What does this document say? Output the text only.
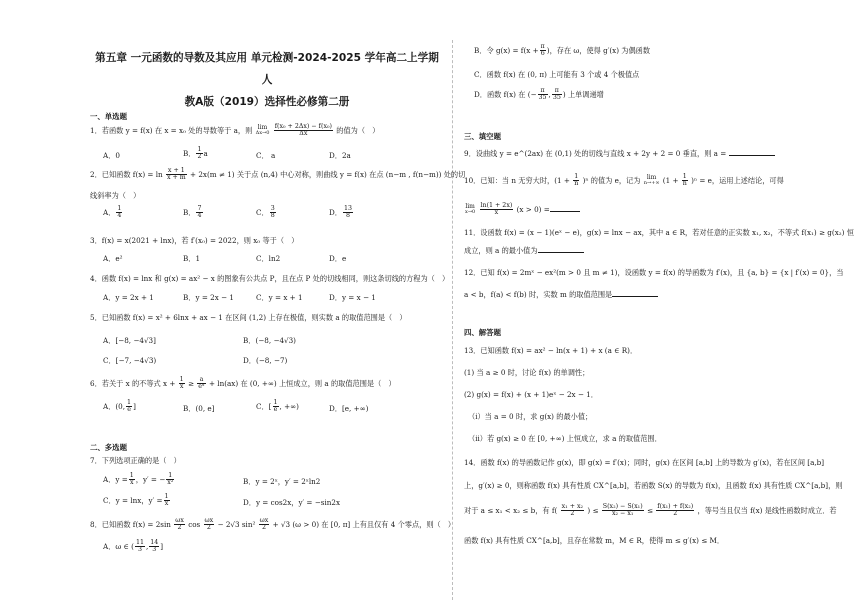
第五章 一元函数的导数及其应用 单元检测-2024-2025 学年高二上学期人
教A版（2019）选择性必修第二册
一、单选题
1．若函数 y = f(x) 在 x = x₀ 处的导数等于 a，则 lim
Δx→0
$\frac{\text{f(x₀ + 2Δx) − f(x₀)}}{\Delta x}$ 的值为（　）
A．0	B． $\frac{1}{2}$ a	C． a	D．2a
2．已知函数 $f(x) = \ln \frac{x + 1}{x + m} + 2x(m \ne 1)$ 关于点 (n,4) 中心对称，则曲线 y = f(x) 在点 (n−m , f(n−m)) 处的切
线斜率为（　）
A． $\frac{1}{4}$	B． $\frac{7}{4}$	C． $\frac{3}{8}$	D． $\frac{13}{8}$
3．f(x) = x(2021 + lnx)，若 f′(x₀) = 2022，则 x₀ 等于（　）
A．e²	B．1	C．ln2	D．e
4．函数 f(x) = lnx 和 g(x) = ax² − x 的图象有公共点 P，且在点 P 处的切线相同，则这条切线的方程为（　）
A．y = 2x + 1	B．y = 2x − 1	C．y = x + 1	D．y = x − 1
5．已知函数 f(x) = x² + 6lnx + ax − 1 在区间 (1,2) 上存在极值，则实数 a 的取值范围是（　）
A．[−8, −4√3]	B．(−8, −4√3)
C．[−7, −4√3)	D．(−8, −7)
6．若关于 x 的不等式 $x + \frac{1}{x} \ge \frac{a}{\text{eˣ}} + \ln(ax)$ 在 (0, +∞) 上恒成立，则 a 的取值范围是（　）
A．(0, $\frac{1}{e}$ ]	B．(0, e]	C．[ $\frac{1}{e}$ , +∞)	D．[e, +∞)
二、多选题
7．下列选项正确的是（　）
A．$y = \frac{1}{x}$ ，y′ = − $\frac{1}{\text{x²}}$	B．y = 2ˣ，y′ = 2ˣln2
C．y = lnx，$y' = \frac{1}{x}$	D．y = cos2x，y′ = −sin2x
8．已知函数 $f(x) = 2\sin \frac{\omega x}{2}$ $\cos \frac{\omega x}{2} - 2√3$ $\sin^2 \frac{\omega x}{2} + √3$ (ω > 0) 在 [0, π] 上有且仅有 4 个零点，则（　）
A．ω ∈ ( $\frac{11}{3}$ , $\frac{14}{3}$ ]
B．令 $g(x) = f(x + \frac{\pi}{6}$ )，存在 ω，使得 g′(x) 为偶函数
C．函数 f(x) 在 (0, π) 上可能有 3 个或 4 个极值点
D．函数 f(x) 在 (− $\frac{\pi}{35}$ , $\frac{\pi}{35}$ ) 上单调递增
三、填空题
9．设曲线 y = e^(2ax) 在 (0,1) 处的切线与直线 x + 2y + 2 = 0 垂直，则 a =
10．已知：当 n 无穷大时，$(1 + \frac{1}{n} )^n$ 的值为 e，记为	lim
n→+∞ $(1 + \frac{1}{n} )^n = e$，运用上述结论，可得
lim
x→0
$\frac{\ln(1 + 2x)}{x} (x > 0)$ =
11．设函数 f(x) = (x − 1)(eˣ − e)，g(x) = lnx − ax，其中 a ∈ R，若对任意的正实数 x₁, x₂，不等式 f(x₁) ≥ g(x₂) 恒
成立，则 a 的最小值为
12．已知 f(x) = 2mˣ − ex²(m > 0 且 m ≠ 1)，设函数 y = f(x) 的导函数为 f′(x)，且 {a, b} = {x | f′(x) = 0}，当
a < b，f(a) < f(b) 时，实数 m 的取值范围是
四、解答题
13．已知函数 f(x) = ax² − ln(x + 1) + x (a ∈ R)．
(1) 当 a ≥ 0 时，讨论 f(x) 的单调性；
(2) g(x) = f(x) + (x + 1)eˣ − 2x − 1．
（i）当 a = 0 时，求 g(x) 的最小值；
（ii）若 g(x) ≥ 0 在 [0, +∞) 上恒成立，求 a 的取值范围．
14．函数 f(x) 的导函数记作 g(x)，即 g(x) = f′(x)；同时，g(x) 在区间 [a,b] 上的导数为 g′(x)，若在区间 [a,b]
上，g′(x) ≥ 0，则称函数 f(x) 具有性质 CX^[a,b]，若函数 S(x) 的导数为 f(x)，且函数 f(x) 具有性质 CX^[a,b]，则
对于 a ≤ x₁ < x₂ ≤ b，有 $f( \frac{\text{x₁ + x₂}}{2}$ ) ≤ $\frac{\text{S(x₂) − S(x₁)}}{\text{x₂ − x₁}} \le \frac{\text{f(x₁) + f(x₂)}}{2}$ ，等号当且仅当 f(x) 是线性函数时成立．若
函数 f(x) 具有性质 CX^[a,b]，且存在常数 m，M ∈ R，使得 m ≤ g′(x) ≤ M．
